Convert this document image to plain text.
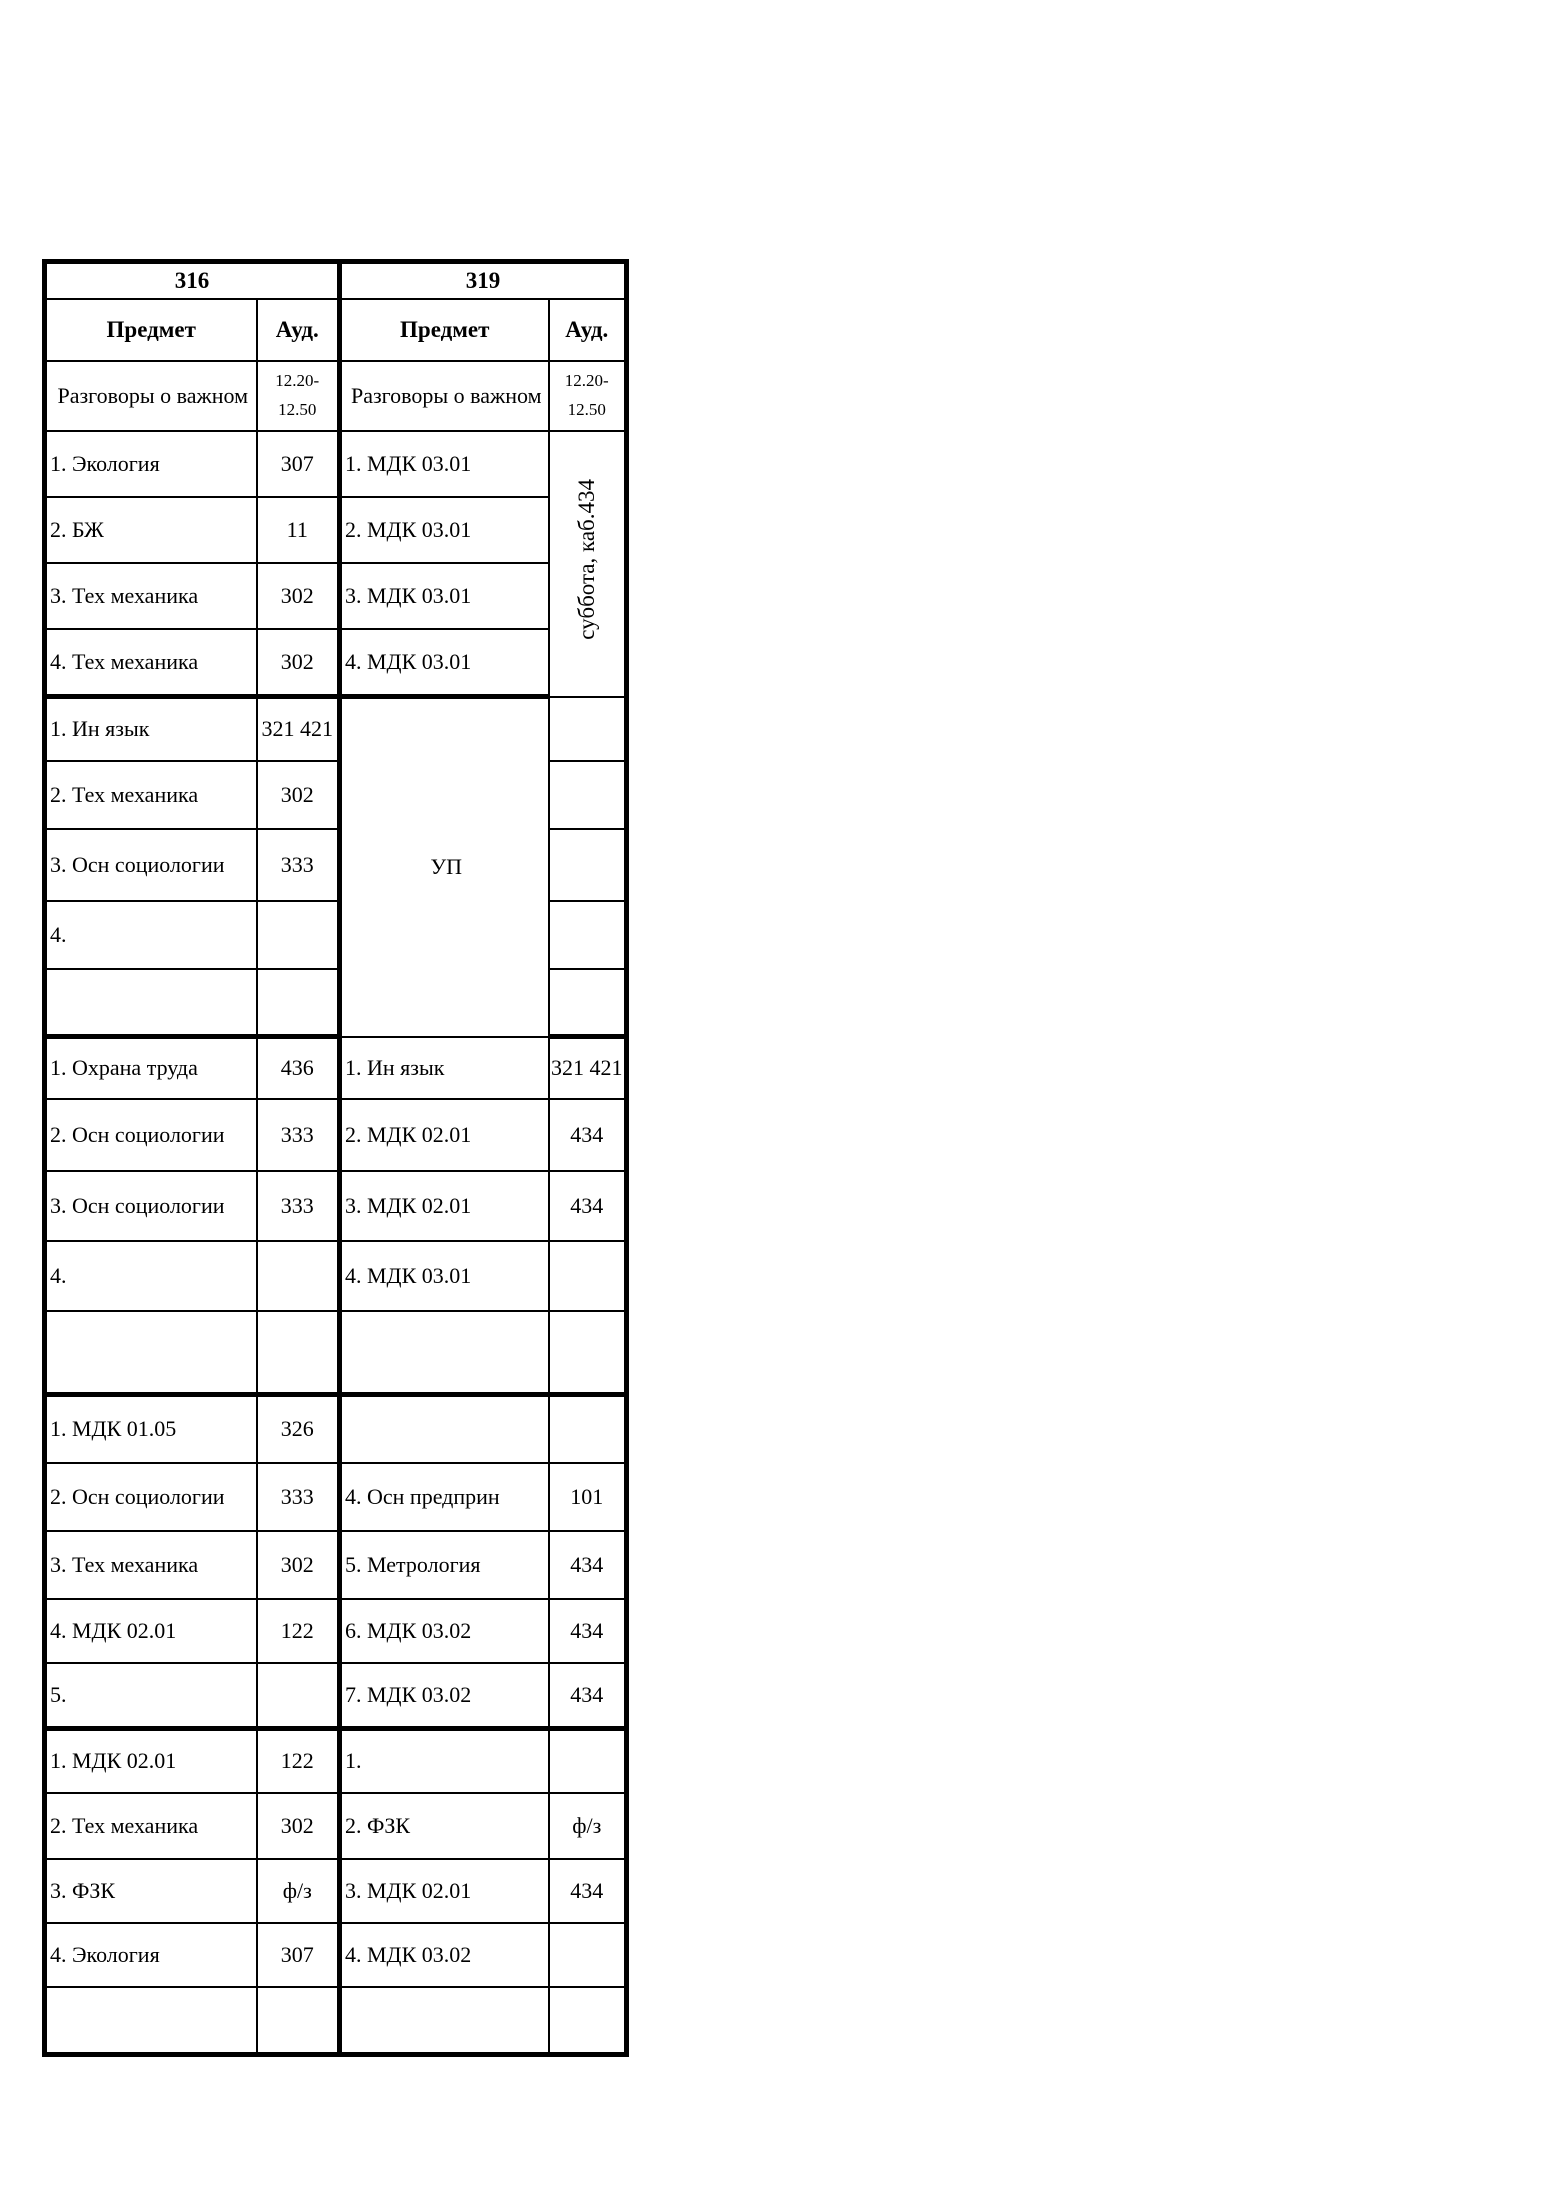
316		319	
Предмет	Ауд.	Предмет	Ауд.
Разговоры о важном	12.20-12.50	Разговоры о важном	12.20-12.50
1. Экология	307	1. МДК 03.01	суббота, каб.434
2. БЖ	11	2. МДК 03.01	
3. Тех механика	302	3. МДК 03.01	
4. Тех механика	302	4. МДК 03.01	
1. Ин язык	321 421	УП	
2. Тех механика	302		
3. Осн социологии	333		
4.			

1. Охрана труда	436	1. Ин язык	321 421
2. Осн социологии	333	2. МДК 02.01	434
3. Осн социологии	333	3. МДК 02.01	434
4.		4. МДК 03.01	

1. МДК 01.05	326		
2. Осн социологии	333	4. Осн предприн	101
3. Тех механика	302	5. Метрология	434
4. МДК 02.01	122	6. МДК 03.02	434
5.		7. МДК 03.02	434
1. МДК 02.01	122	1.	
2. Тех механика	302	2. ФЗК	ф/з
3. ФЗК	ф/з	3. МДК 02.01	434
4. Экология	307	4. МДК 03.02	
